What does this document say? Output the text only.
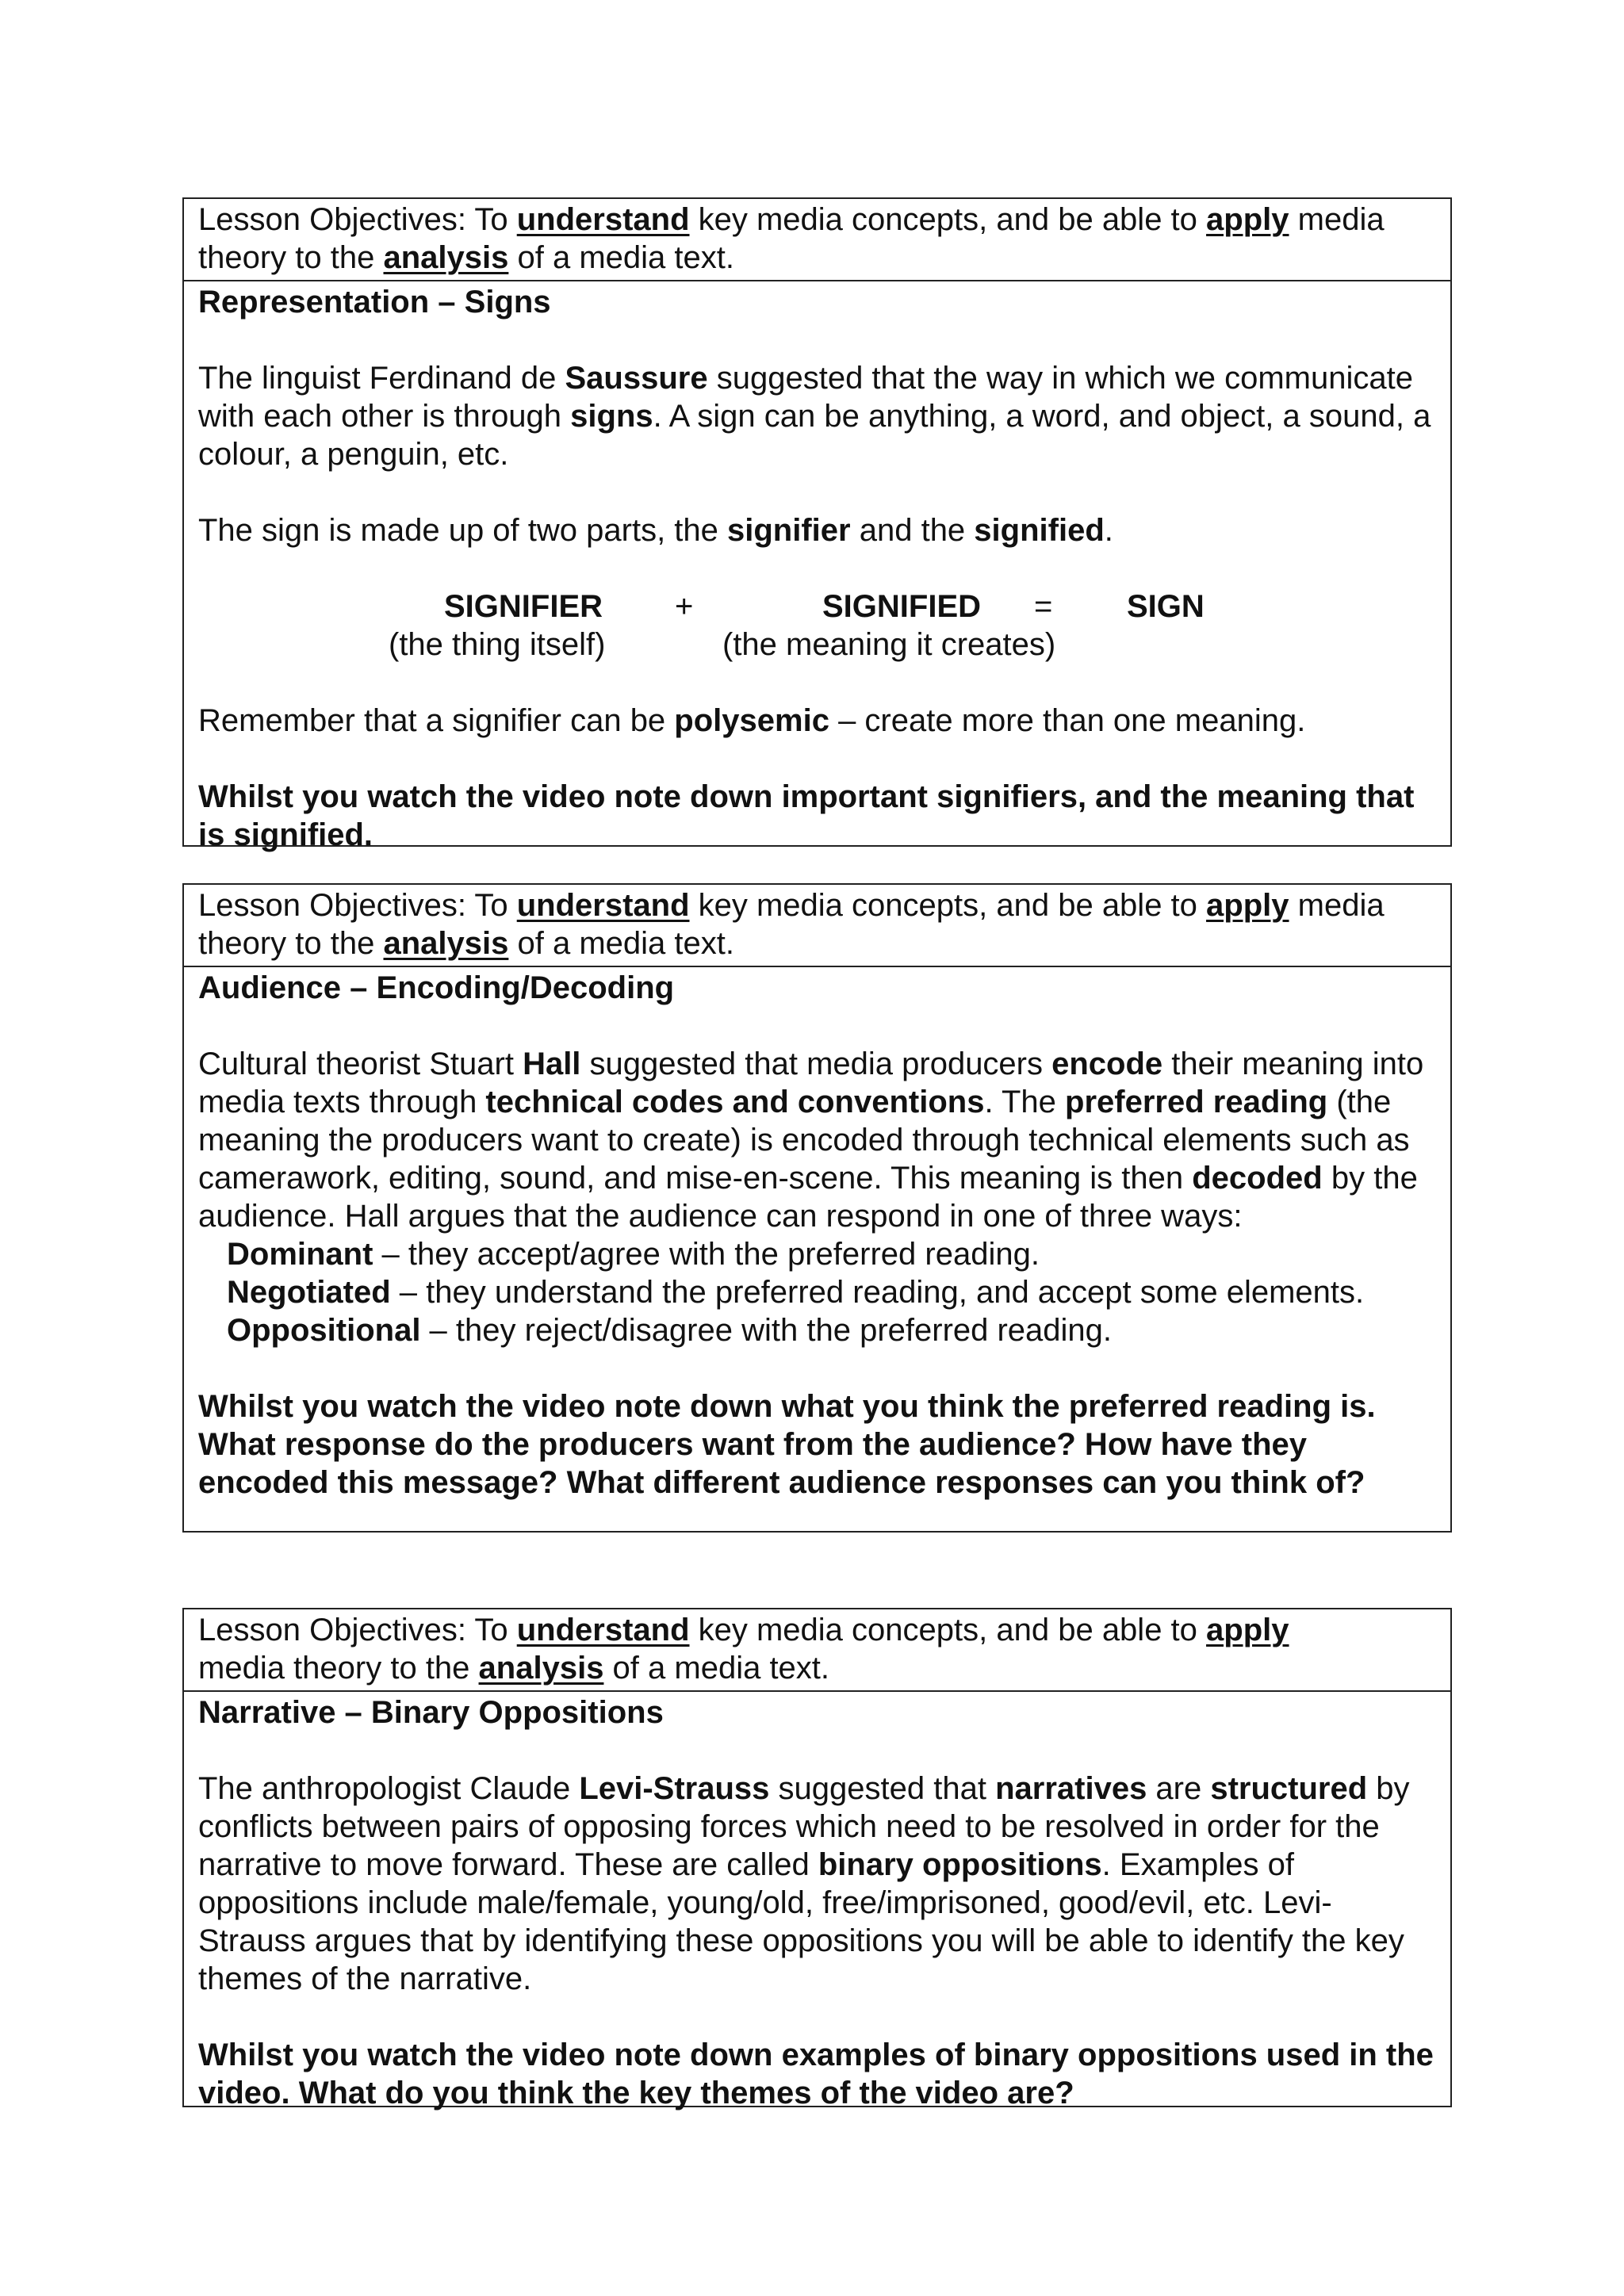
Lesson Objectives: To understand key media concepts, and be able to apply media
theory to the analysis of a media text.

Representation – Signs

The linguist Ferdinand de Saussure suggested that the way in which we communicate with each other is through signs. A sign can be anything, a word, and object, a sound, a colour, a penguin, etc.

The sign is made up of two parts, the signifier and the signified.

SIGNIFIER +	SIGNIFIED = SIGN
(the thing itself)	(the meaning it creates)

Remember that a signifier can be polysemic – create more than one meaning.

Whilst you watch the video note down important signifiers, and the meaning that is signified.

Lesson Objectives: To understand key media concepts, and be able to apply media
theory to the analysis of a media text.

Audience – Encoding/Decoding

Cultural theorist Stuart Hall suggested that media producers encode their meaning into media texts through technical codes and conventions. The preferred reading (the meaning the producers want to create) is encoded through technical elements such as camerawork, editing, sound, and mise-en-scene. This meaning is then decoded by the audience. Hall argues that the audience can respond in one of three ways:

Dominant – they accept/agree with the preferred reading.

Negotiated – they understand the preferred reading, and accept some elements.

Oppositional – they reject/disagree with the preferred reading.

Whilst you watch the video note down what you think the preferred reading is. What response do the producers want from the audience? How have they encoded this message? What different audience responses can you think of?

Lesson Objectives: To understand key media concepts, and be able to apply
media theory to the analysis of a media text.

Narrative – Binary Oppositions

The anthropologist Claude Levi-Strauss suggested that narratives are structured by conflicts between pairs of opposing forces which need to be resolved in order for the narrative to move forward. These are called binary oppositions. Examples of oppositions include male/female, young/old, free/imprisoned, good/evil, etc. Levi-Strauss argues that by identifying these oppositions you will be able to identify the key themes of the narrative.

Whilst you watch the video note down examples of binary oppositions used in the video. What do you think the key themes of the video are?
